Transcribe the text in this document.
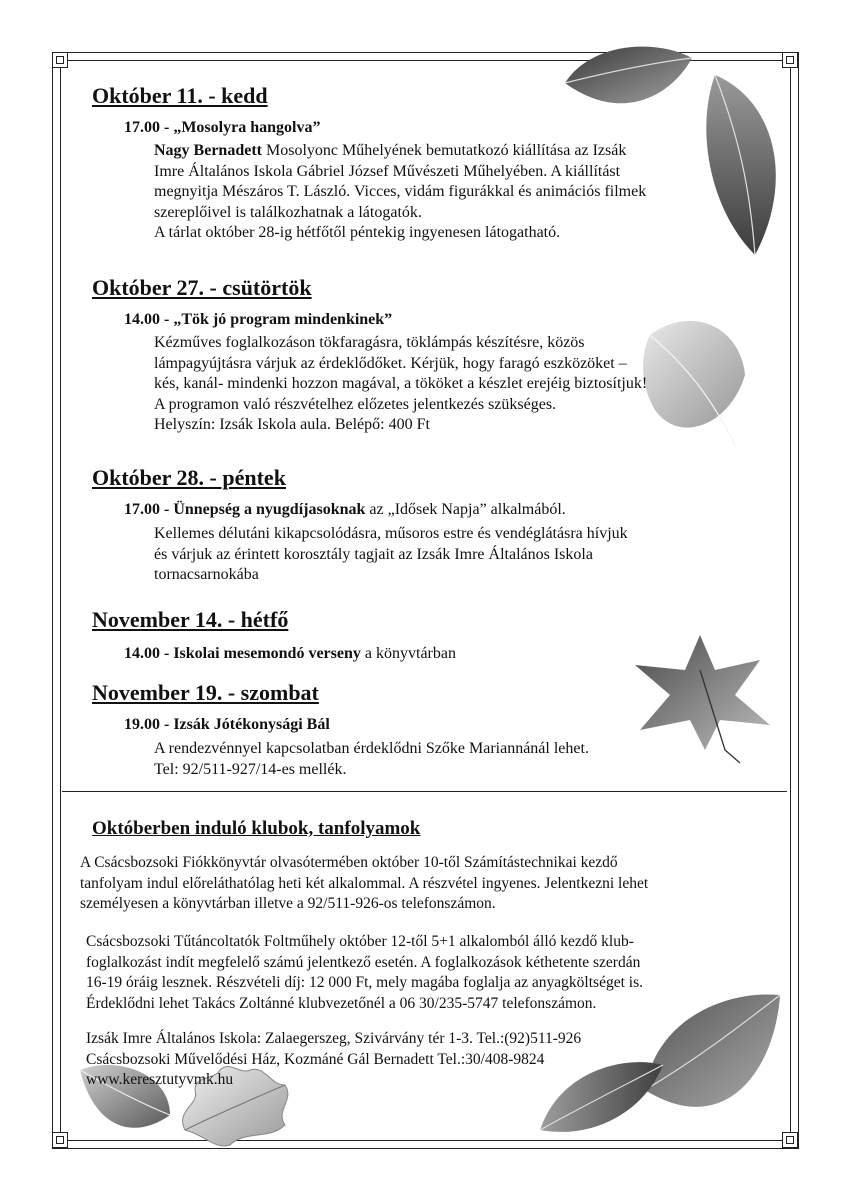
Október 11. - kedd
17.00 - „Mosolyra hangolva”

Nagy Bernadett Mosolyonc Műhelyének bemutatkozó kiállítása az Izsák

Imre Általános Iskola Gábriel József Művészeti Műhelyében. A kiállítást

megnyitja Mészáros T. László. Vicces, vidám figurákkal és animációs filmek

szereplőivel is találkozhatnak a látogatók.

A tárlat október 28-ig hétfőtől péntekig ingyenesen látogatható.

Október 27. - csütörtök
14.00 - „Tök jó program mindenkinek”

Kézműves foglalkozáson tökfaragásra, töklámpás készítésre, közös

lámpagyújtásra várjuk az érdeklődőket. Kérjük, hogy faragó eszközöket –

kés, kanál- mindenki hozzon magával, a tököket a készlet erejéig biztosítjuk!

A programon való részvételhez előzetes jelentkezés szükséges.

Helyszín: Izsák Iskola aula. Belépő: 400 Ft

Október 28. - péntek
17.00 - Ünnepség a nyugdíjasoknak az „Idősek Napja” alkalmából.

Kellemes délutáni kikapcsolódásra, műsoros estre és vendéglátásra hívjuk

és várjuk az érintett korosztály tagjait az Izsák Imre Általános Iskola

tornacsarnokába

November 14. - hétfő
14.00 - Iskolai mesemondó verseny a könyvtárban
November 19. - szombat
19.00 - Izsák Jótékonysági Bál

A rendezvénnyel kapcsolatban érdeklődni Szőke Mariannánál lehet.

Tel: 92/511-927/14-es mellék.

Októberben induló klubok, tanfolyamok

A Csácsbozsoki Fiókkönyvtár olvasótermében október 10-től Számítástechnikai kezdő

tanfolyam indul előreláthatólag heti két alkalommal. A részvétel ingyenes. Jelentkezni lehet

személyesen a könyvtárban illetve a 92/511-926-os telefonszámon.

Csácsbozsoki Tűtáncoltatók Foltműhely október 12-től 5+1 alkalomból álló kezdő klub-

foglalkozást indít megfelelő számú jelentkező esetén. A foglalkozások kéthetente szerdán

16-19 óráig lesznek. Részvételi díj: 12 000 Ft, mely magába foglalja az anyagköltséget is.

Érdeklődni lehet Takács Zoltánné klubvezetőnél a 06 30/235-5747 telefonszámon.

Izsák Imre Általános Iskola: Zalaegerszeg, Szivárvány tér 1-3. Tel.:(92)511-926

Csácsbozsoki Művelődési Ház, Kozmáné Gál Bernadett Tel.:30/408-9824

www.keresztutyvmk.hu
